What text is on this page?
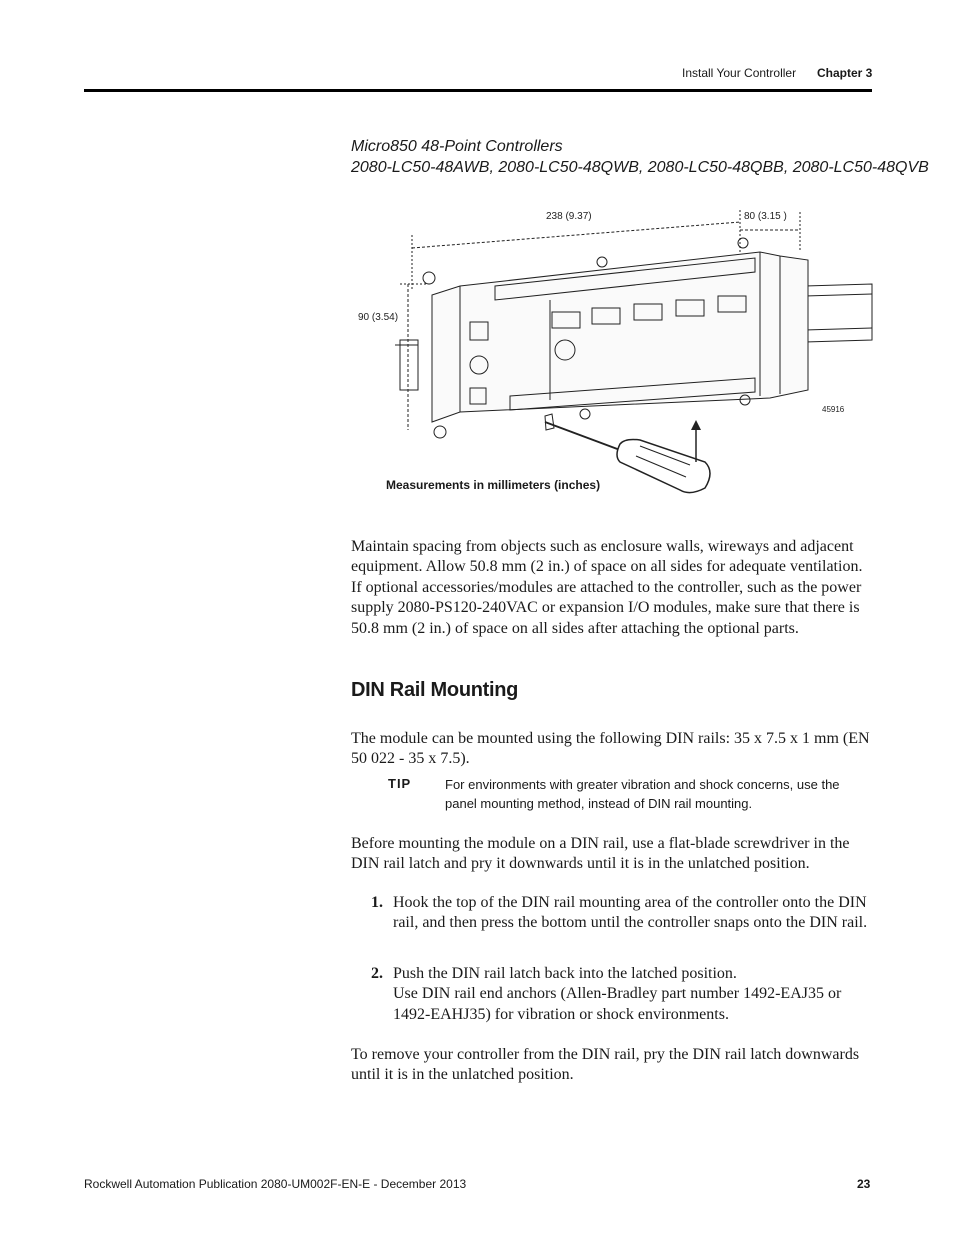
Install Your Controller Chapter 3
Micro850 48-Point Controllers
2080-LC50-48AWB, 2080-LC50-48QWB, 2080-LC50-48QBB, 2080-LC50-48QVB
238 (9.37)	80 (3.15 )
90 (3.54)
45916
Measurements in millimeters (inches)
Maintain spacing from objects such as enclosure walls, wireways and adjacent equipment. Allow 50.8 mm (2 in.) of space on all sides for adequate ventilation. If optional accessories/modules are attached to the controller, such as the power supply 2080-PS120-240VAC or expansion I/O modules, make sure that there is 50.8 mm (2 in.) of space on all sides after attaching the optional parts.
DIN Rail Mounting
The module can be mounted using the following DIN rails: 35 x 7.5 x 1 mm (EN 50 022 - 35 x 7.5).
TIP	For environments with greater vibration and shock concerns, use the panel mounting method, instead of DIN rail mounting.
Before mounting the module on a DIN rail, use a flat-blade screwdriver in the DIN rail latch and pry it downwards until it is in the unlatched position.
1. Hook the top of the DIN rail mounting area of the controller onto the DIN rail, and then press the bottom until the controller snaps onto the DIN rail.
2. Push the DIN rail latch back into the latched position.
Use DIN rail end anchors (Allen-Bradley part number 1492-EAJ35 or 1492-EAHJ35) for vibration or shock environments.
To remove your controller from the DIN rail, pry the DIN rail latch downwards until it is in the unlatched position.
Rockwell Automation Publication 2080-UM002F-EN-E - December 2013	23
